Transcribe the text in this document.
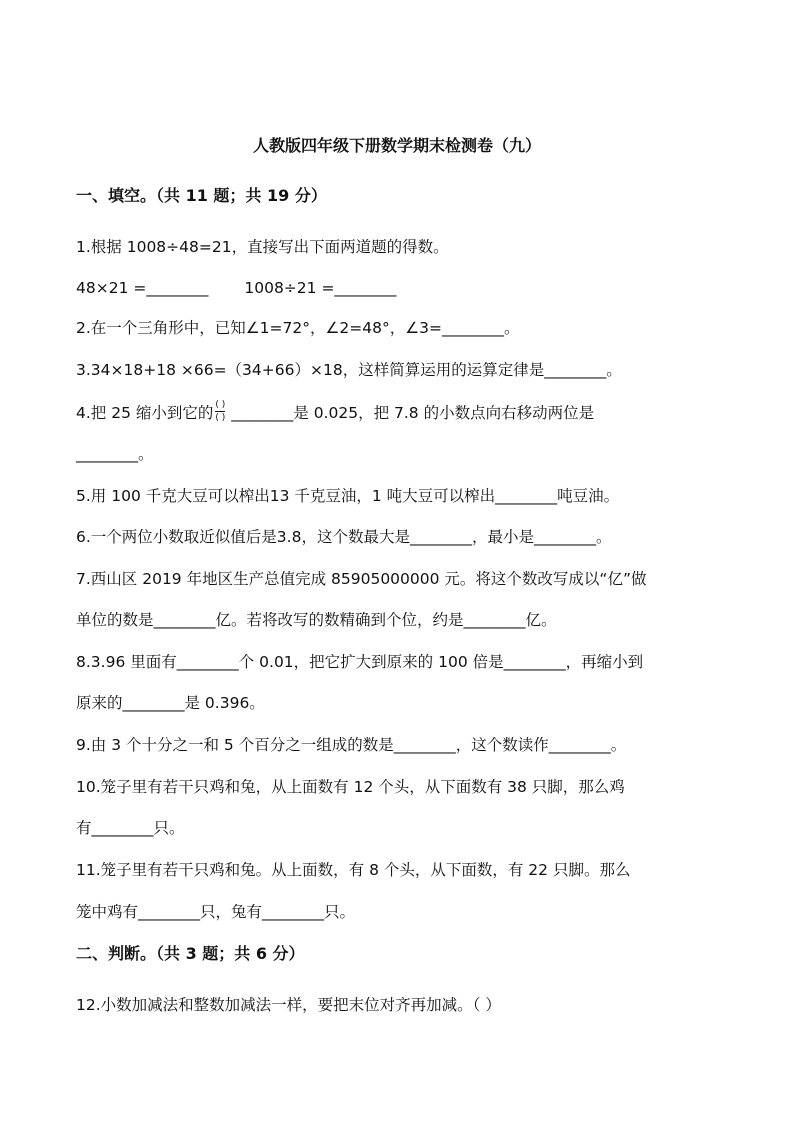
人教版四年级下册数学期末检测卷（九）
一、填空。（共 11 题；共 19 分）
1.根据 1008÷48=21，直接写出下面两道题的得数。
48×21 =________ 1008÷21 =________
2.在一个三角形中，已知∠1=72°，∠2=48°，∠3=________。
3.34×18+18 ×66=（34+66）×18，这样简算运用的运算定律是________。
4.把 25 缩小到它的 $\frac{( )}{( )}$ ________是 0.025，把 7.8 的小数点向右移动两位是
________。
5.用 100 千克大豆可以榨出13 千克豆油，1 吨大豆可以榨出________吨豆油。
6.一个两位小数取近似值后是3.8，这个数最大是________，最小是________。
7.西山区 2019 年地区生产总值完成 85905000000 元。将这个数改写成以“亿”做
单位的数是________亿。若将改写的数精确到个位，约是________亿。
8.3.96 里面有________个 0.01，把它扩大到原来的 100 倍是________，再缩小到
原来的________是 0.396。
9.由 3 个十分之一和 5 个百分之一组成的数是________，这个数读作________。
10.笼子里有若干只鸡和兔，从上面数有 12 个头，从下面数有 38 只脚，那么鸡
有________只。
11.笼子里有若干只鸡和兔。从上面数，有 8 个头，从下面数，有 22 只脚。那么
笼中鸡有________只，兔有________只。
二、判断。（共 3 题；共 6 分）
12.小数加减法和整数加减法一样，要把末位对齐再加减。（ ）
